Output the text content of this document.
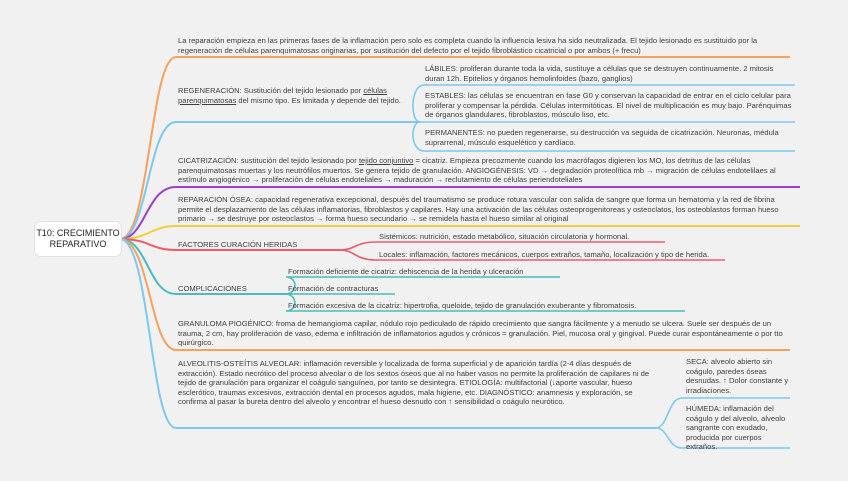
T10: CRECIMIENTO REPARATIVO
La reparación empieza en las primeras fases de la inflamación pero solo es completa cuando la influencia lesiva ha sido neutralizada. El tejido lesionado es sustituido por la regeneración de células parenquimatosas originarias, por sustitución del defecto por el tejido fibroblástico cicatricial o por ambos (+ frecu)
REGENERACIÓN: Sustitución del tejido lesionado por células parenquimatosas del mismo tipo. Es limitada y depende del tejido.
LÁBILES: proliferan durante toda la vida, sustituye a células que se destruyen continuamente. 2 mitosis duran 12h. Epitelios y órganos hemolinfoides (bazo, ganglios)
ESTABLES: las células se encuentran en fase G0 y conservan la capacidad de entrar en el ciclo celular para proliferar y compensar la pérdida. Células intermitóticas. El nivel de multiplicación es muy bajo. Parénquimas de órganos glandulares, fibroblastos, músculo liso, etc.
PERMANENTES: no pueden regenerarse, su destrucción va seguida de cicatrización. Neuronas, médula suprarrenal, músculo esquelético y cardíaco.
CICATRIZACIÓN: sustitución del tejido lesionado por tejido conjuntivo = cicatriz. Empieza precozmente cuando los macrófagos digieren los MO, los detritus de las células parenquimatosas muertas y los neutrófilos muertos. Se genera tejido de granulación. ANGIOGÉNESIS: VD → degradación proteolítica mb → migración de células endotelilaes al estímulo angiogénico → proliferación de células endoteliales → maduración → reclutamiento de células periendoteliales
REPARACIÓN ÓSEA: capacidad regenerativa excepcional, después del traumatismo se produce rotura vascular con salida de sangre que forma un hematoma y la red de fibrina permite el desplazamiento de las células inflamatorias, fibroblastos y capilares. Hay una activación de las células osteoprogenitoreas y osteoclatos, los osteoblastos forman hueso primario → se destruye por osteoclastos → forma hueso secundario → se remidela hasta el hueso similar al original
FACTORES CURACIÓN HERIDAS
Sistémicos: nutrición, estado metabólico, situación circulatoria y hormonal.
Locales: inflamación, factores mecánicos, cuerpos extraños, tamaño, localización y tipo de herida.
COMPLICACIONES
Formación deficiente de cicatriz: dehiscencia de la herida y ulceración
Formación de contracturas
Formación excesiva de la cicatriz: hipertrofia, queloide, tejido de granulación exuberante y fibromatosis.
GRANULOMA PIOGÉNICO: froma de hemangioma capilar, nódulo rojo pediculado de rápido crecimiento que sangra fácilmente y a menudo se ulcera. Suele ser después de un trauma, 2 cm, hay proliferación de vaso, edema e infiltración de inflamatorios agudos y crónicos = granulación. Piel, mucosa oral y gingival. Puede curar espontáneamente o por tto quirúrgico.
ALVEOLITIS-OSTEÍTIS ALVEOLAR: inflamación reversible y localizada de forma superficial y de aparición tardía (2-4 días después de extracción). Estado necrótico del proceso alveolar o de los sextos óseos que al no haber vasos no permite la proliferación de capilares ni de tejido de granulación para organizar el coágulo sanguíneo, por tanto se desintegra. ETIOLOGÍA: multifactorial (↓aporte vascular, hueso esclerótico, traumas excesivos, extracción dental en procesos agudos, mala higiene, etc. DIAGNÓSTICO: anamnesis y exploración, se confirma al pasar la bureta dentro del alveolo y encontrar el hueso desnudo con ↑ sensibilidad o coágulo neurótico.
SECA: alveolo abierto sin coágulo, paredes óseas desnudas. ↑ Dolor constante y irradiaciones.
HÚMEDA: inflamación del coágulo y del alveolo, alveolo sangrante con exudado, producida por cuerpos extraños.
